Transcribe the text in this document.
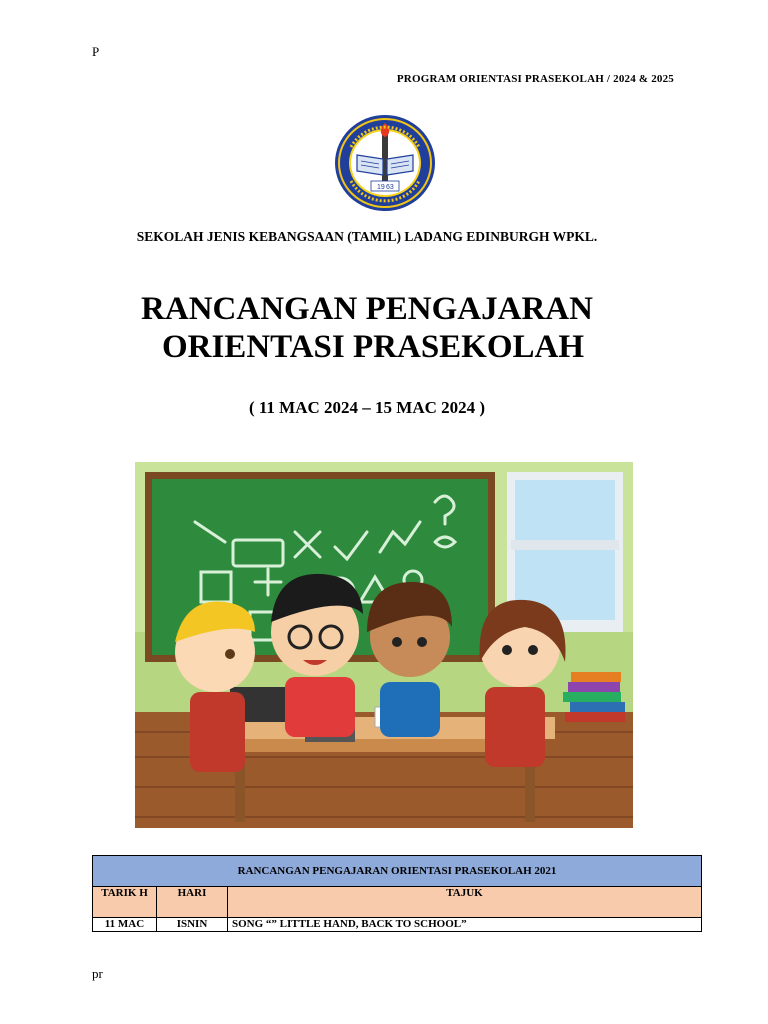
P
PROGRAM ORIENTASI PRASEKOLAH / 2024 & 2025
19 63
SEKOLAH JENIS KEBANGSAAN (TAMIL) LADANG EDINBURGH WPKL.
RANCANGAN PENGAJARAN
ORIENTASI PRASEKOLAH
( 11 MAC 2024 – 15 MAC 2024 )
RANCANGAN PENGAJARAN ORIENTASI PRASEKOLAH 2021		
TARIK H	HARI	TAJUK
11 MAC	ISNIN	SONG “” LITTLE HAND, BACK TO SCHOOL”
pr
